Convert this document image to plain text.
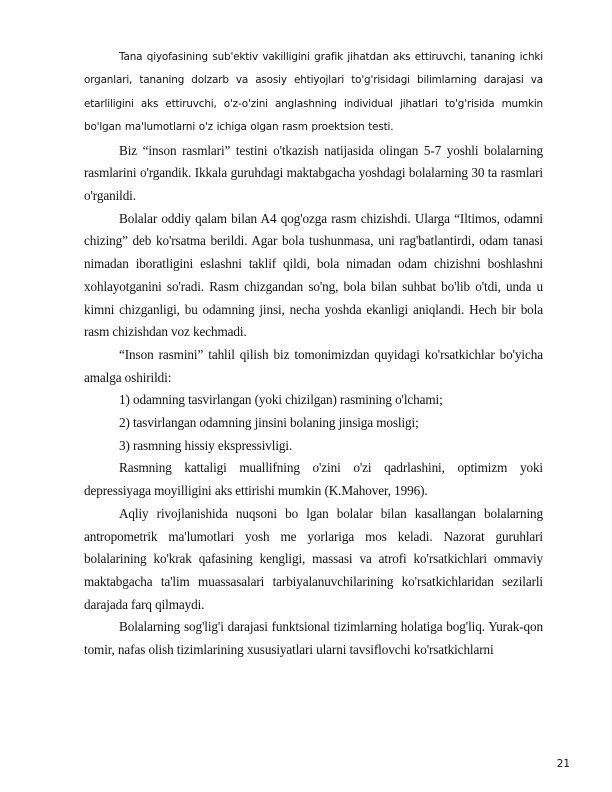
Tana qiyofasining sub'ektiv vakilligini grafik jihatdan aks ettiruvchi, tananing ichki organlari, tananing dolzarb va asosiy ehtiyojlari to'g'risidagi bilimlarning darajasi va etarliligini aks ettiruvchi, o'z-o'zini anglashning individual jihatlari to'g'risida mumkin bo'lgan ma'lumotlarni o'z ichiga olgan rasm proektsion testi.

Biz “inson rasmlari” testini o'tkazish natijasida olingan 5-7 yoshli bolalarning rasmlarini o'rgandik. Ikkala guruhdagi maktabgacha yoshdagi bolalarning 30 ta rasmlari o'rganildi.

Bolalar oddiy qalam bilan A4 qog'ozga rasm chizishdi. Ularga “Iltimos, odamni chizing” deb ko'rsatma berildi. Agar bola tushunmasa, uni rag'batlantirdi, odam tanasi nimadan iboratligini eslashni taklif qildi, bola nimadan odam chizishni boshlashni xohlayotganini so'radi. Rasm chizgandan so'ng, bola bilan suhbat bo'lib o'tdi, unda u kimni chizganligi, bu odamning jinsi, necha yoshda ekanligi aniqlandi. Hech bir bola rasm chizishdan voz kechmadi.

“Inson rasmini” tahlil qilish biz tomonimizdan quyidagi ko'rsatkichlar bo'yicha amalga oshirildi:

1) odamning tasvirlangan (yoki chizilgan) rasmining o'lchami;

2) tasvirlangan odamning jinsini bolaning jinsiga mosligi;

3) rasmning hissiy ekspressivligi.

Rasmning kattaligi muallifning o'zini o'zi qadrlashini, optimizm yoki depressiyaga moyilligini aks ettirishi mumkin (K.Mahover, 1996).

Aqliy rivojlanishida nuqsoni bo lgan bolalar bilan kasallangan bolalarning antropometrik ma'lumotlari yosh me yorlariga mos keladi. Nazorat guruhlari bolalarining ko'krak qafasining kengligi, massasi va atrofi ko'rsatkichlari ommaviy maktabgacha ta'lim muassasalari tarbiyalanuvchilarining ko'rsatkichlaridan sezilarli darajada farq qilmaydi.

Bolalarning sog'lig'i darajasi funktsional tizimlarning holatiga bog'liq. Yurak-qon tomir, nafas olish tizimlarining xususiyatlari ularni tavsiflovchi ko'rsatkichlarni

21
